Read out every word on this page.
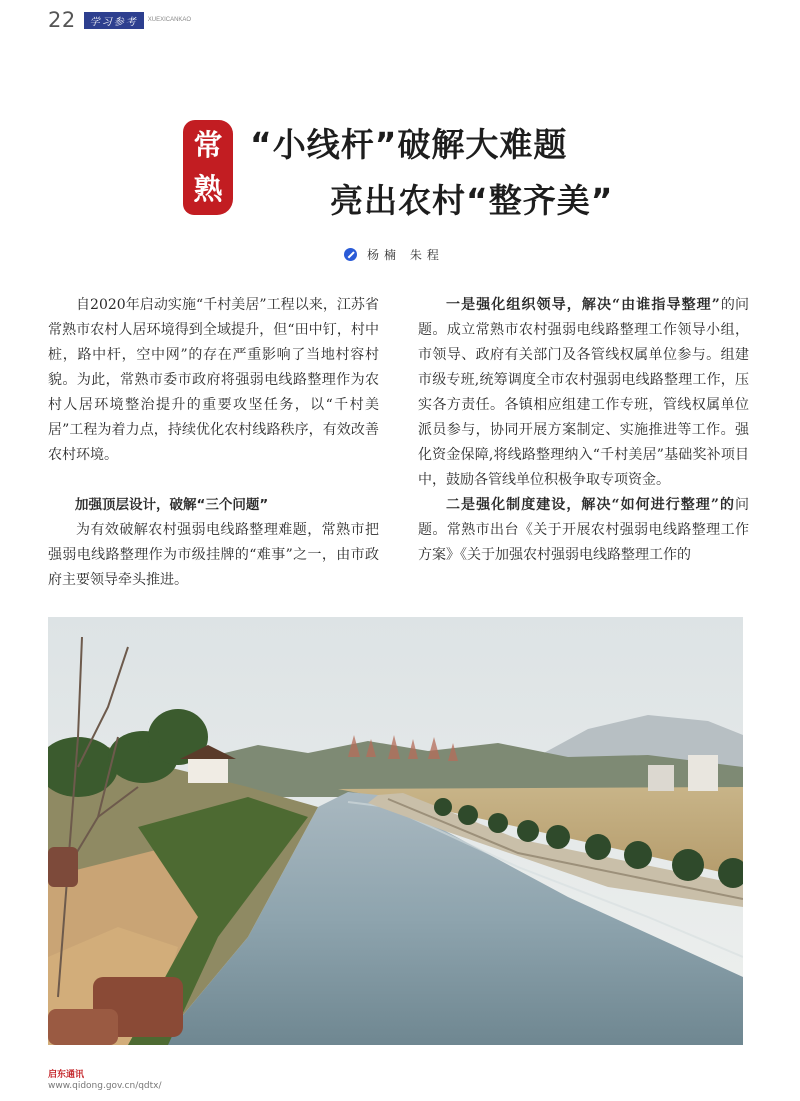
22	学习参考	XUEXICANKAO
常
熟
“小线杆”破解大难题
亮出农村“整齐美”
杨楠 朱程

自2020年启动实施“千村美居”工程以来，江苏省常熟市农村人居环境得到全域提升，但“田中钉，村中桩，路中杆，空中网”的存在严重影响了当地村容村貌。为此，常熟市委市政府将强弱电线路整理作为农村人居环境整治提升的重要攻坚任务，以“千村美居”工程为着力点，持续优化农村线路秩序，有效改善农村环境。

加强顶层设计，破解“三个问题”

为有效破解农村强弱电线路整理难题，常熟市把强弱电线路整理作为市级挂牌的“难事”之一，由市政府主要领导牵头推进。

一是强化组织领导，解决“由谁指导整理”的问题。成立常熟市农村强弱电线路整理工作领导小组，市领导、政府有关部门及各管线权属单位参与。组建市级专班,统筹调度全市农村强弱电线路整理工作，压实各方责任。各镇相应组建工作专班，管线权属单位派员参与，协同开展方案制定、实施推进等工作。强化资金保障,将线路整理纳入“千村美居”基础奖补项目中，鼓励各管线单位积极争取专项资金。

二是强化制度建设，解决“如何进行整理”的问题。常熟市出台《关于开展农村强弱电线路整理工作方案》《关于加强农村强弱电线路整理工作的

启东通讯
www.qidong.gov.cn/qdtx/
